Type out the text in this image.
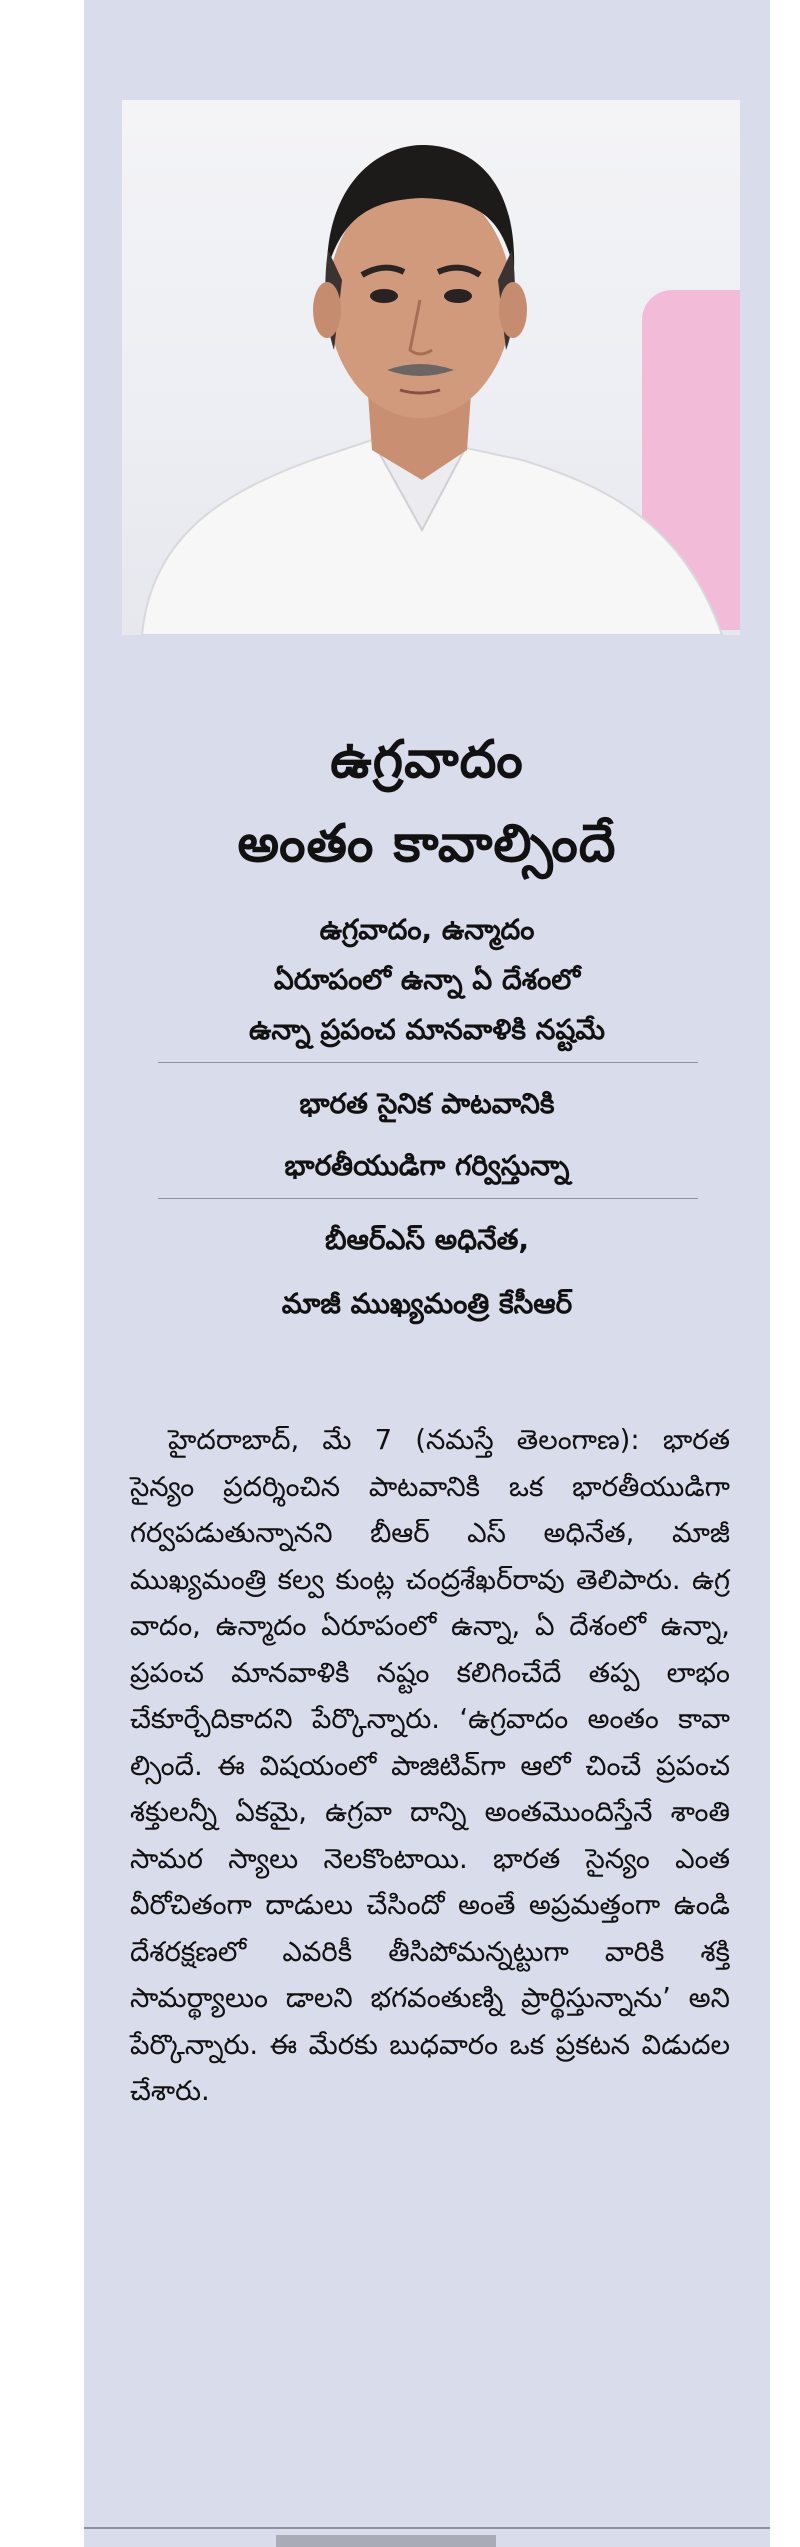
ఉగ్రవాదం
అంతం కావాల్సిందే
ఉగ్రవాదం, ఉన్మాదం
ఏరూపంలో ఉన్నా ఏ దేశంలో
ఉన్నా ప్రపంచ మానవాళికి నష్టమే
భారత సైనిక పాటవానికి
భారతీయుడిగా గర్విస్తున్నా
బీఆర్ఎస్ అధినేత,
మాజీ ముఖ్యమంత్రి కేసీఆర్

హైదరాబాద్, మే 7 (నమస్తే తెలంగాణ): భారత సైన్యం ప్రదర్శించిన పాటవానికి ఒక భారతీయుడిగా గర్వపడుతున్నానని బీఆర్ ఎస్ అధినేత, మాజీ ముఖ్యమంత్రి కల్వ కుంట్ల చంద్రశేఖర్‌రావు తెలిపారు. ఉగ్ర వాదం, ఉన్మాదం ఏరూపంలో ఉన్నా, ఏ దేశంలో ఉన్నా, ప్రపంచ మానవాళికి నష్టం కలిగించేదే తప్ప లాభం చేకూర్చేదికాదని పేర్కొన్నారు. ‘ఉగ్రవాదం అంతం కావా ల్సిందే. ఈ విషయంలో పాజిటివ్‌గా ఆలో చించే ప్రపంచ శక్తులన్నీ ఏకమై, ఉగ్రవా దాన్ని అంతమొందిస్తేనే శాంతి సామర స్యాలు నెలకొంటాయి. భారత సైన్యం ఎంత వీరోచితంగా దాడులు చేసిందో అంతే అప్రమత్తంగా ఉండి దేశరక్షణలో ఎవరికీ తీసిపోమన్నట్టుగా వారికి శక్తి సామర్థ్యాలుం డాలని భగవంతుణ్ని ప్రార్థిస్తున్నాను’ అని పేర్కొన్నారు. ఈ మేరకు బుధవారం ఒక ప్రకటన విడుదల చేశారు.
